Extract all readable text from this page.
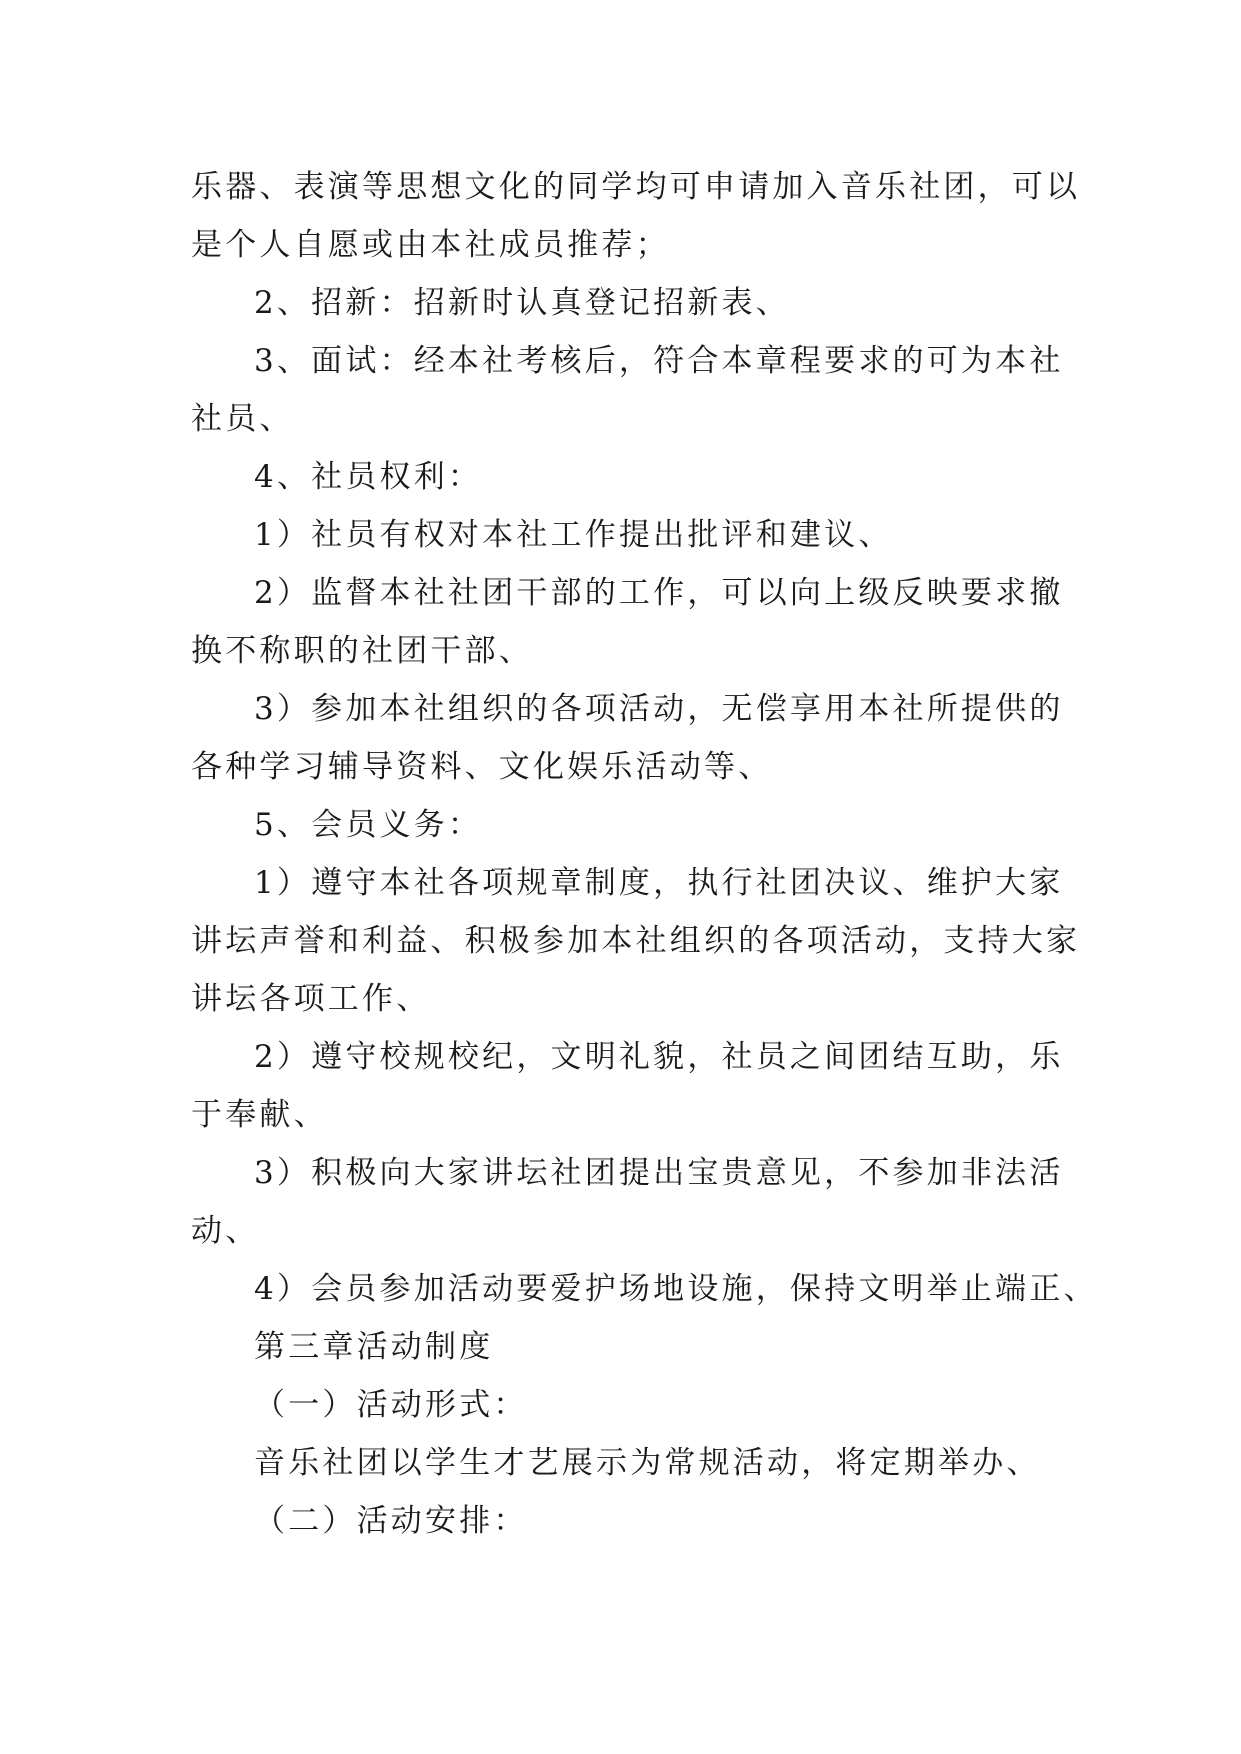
乐器、表演等思想文化的同学均可申请加入音乐社团，可以
是个人自愿或由本社成员推荐；
2、招新：招新时认真登记招新表、
3、面试：经本社考核后，符合本章程要求的可为本社
社员、
4、社员权利：
1）社员有权对本社工作提出批评和建议、
2）监督本社社团干部的工作，可以向上级反映要求撤
换不称职的社团干部、
3）参加本社组织的各项活动，无偿享用本社所提供的
各种学习辅导资料、文化娱乐活动等、
5、会员义务：
1）遵守本社各项规章制度，执行社团决议、维护大家
讲坛声誉和利益、积极参加本社组织的各项活动，支持大家
讲坛各项工作、
2）遵守校规校纪，文明礼貌，社员之间团结互助，乐
于奉献、
3）积极向大家讲坛社团提出宝贵意见，不参加非法活
动、
4）会员参加活动要爱护场地设施，保持文明举止端正、
第三章活动制度
（一）活动形式：
音乐社团以学生才艺展示为常规活动，将定期举办、
（二）活动安排：
